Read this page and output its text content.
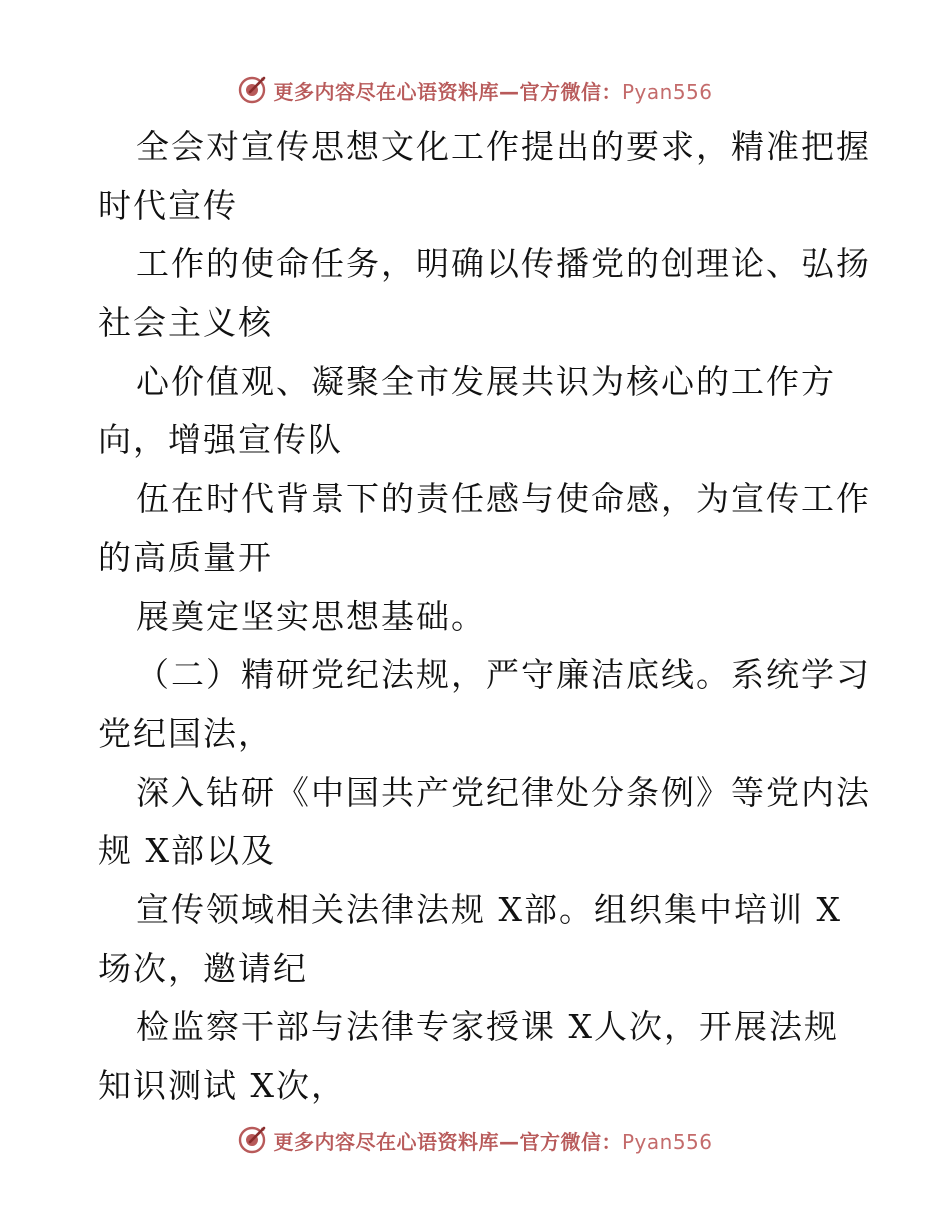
更多内容尽在心语资料库—官方微信：Pyan556
全会对宣传思想文化工作提出的要求，精准把握
时代宣传
工作的使命任务，明确以传播党的创理论、弘扬
社会主义核
心价值观、凝聚全市发展共识为核心的工作方
向，增强宣传队
伍在时代背景下的责任感与使命感，为宣传工作
的高质量开
展奠定坚实思想基础。
（二）精研党纪法规，严守廉洁底线。系统学习
党纪国法，
深入钻研《中国共产党纪律处分条例》等党内法
规 X部以及
宣传领域相关法律法规 X部。组织集中培训 X
场次，邀请纪
检监察干部与法律专家授课 X人次，开展法规
知识测试 X次，
更多内容尽在心语资料库—官方微信：Pyan556
